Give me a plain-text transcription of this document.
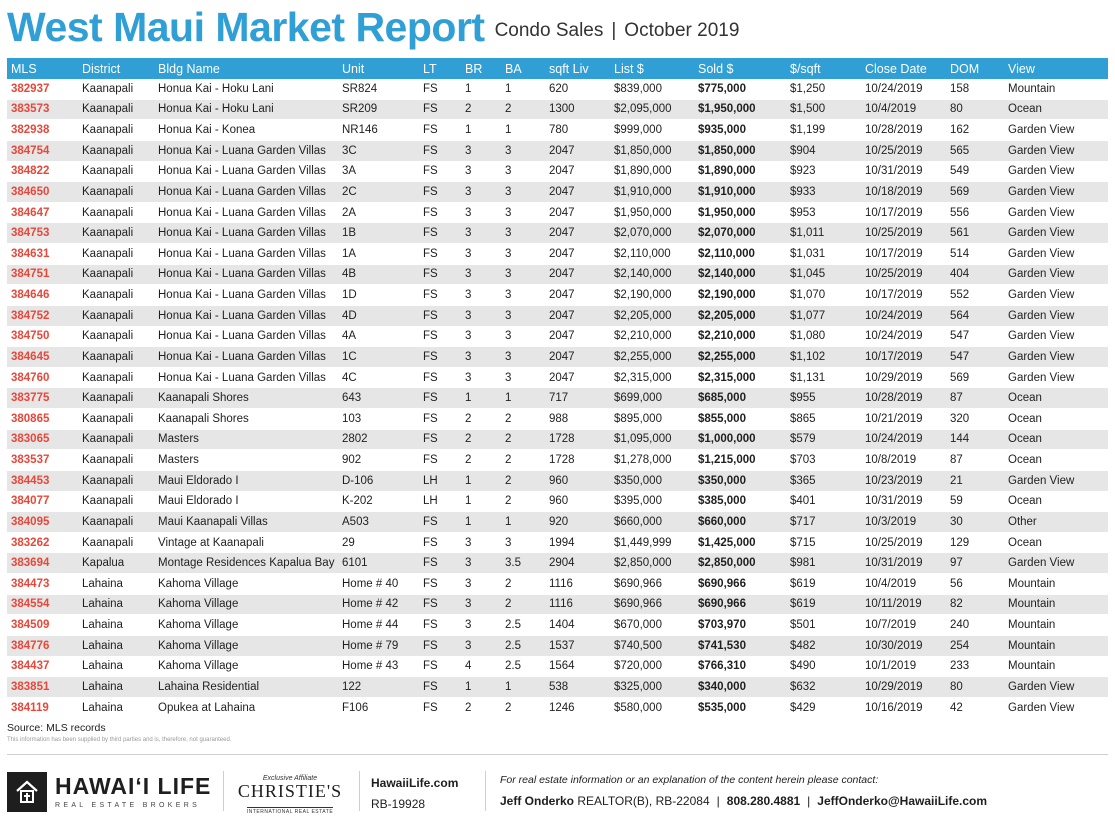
West Maui Market Report Condo Sales | October 2019
MLS	District	Bldg Name	Unit	LT	BR	BA	sqft Liv	List $	Sold $	$/sqft	Close Date	DOM	View
382937	Kaanapali	Honua Kai - Hoku Lani	SR824	FS	1	1	620	$839,000	$775,000	$1,250	10/24/2019	158	Mountain
383573	Kaanapali	Honua Kai - Hoku Lani	SR209	FS	2	2	1300	$2,095,000	$1,950,000	$1,500	10/4/2019	80	Ocean
382938	Kaanapali	Honua Kai - Konea	NR146	FS	1	1	780	$999,000	$935,000	$1,199	10/28/2019	162	Garden View
384754	Kaanapali	Honua Kai - Luana Garden Villas	3C	FS	3	3	2047	$1,850,000	$1,850,000	$904	10/25/2019	565	Garden View
384822	Kaanapali	Honua Kai - Luana Garden Villas	3A	FS	3	3	2047	$1,890,000	$1,890,000	$923	10/31/2019	549	Garden View
384650	Kaanapali	Honua Kai - Luana Garden Villas	2C	FS	3	3	2047	$1,910,000	$1,910,000	$933	10/18/2019	569	Garden View
384647	Kaanapali	Honua Kai - Luana Garden Villas	2A	FS	3	3	2047	$1,950,000	$1,950,000	$953	10/17/2019	556	Garden View
384753	Kaanapali	Honua Kai - Luana Garden Villas	1B	FS	3	3	2047	$2,070,000	$2,070,000	$1,011	10/25/2019	561	Garden View
384631	Kaanapali	Honua Kai - Luana Garden Villas	1A	FS	3	3	2047	$2,110,000	$2,110,000	$1,031	10/17/2019	514	Garden View
384751	Kaanapali	Honua Kai - Luana Garden Villas	4B	FS	3	3	2047	$2,140,000	$2,140,000	$1,045	10/25/2019	404	Garden View
384646	Kaanapali	Honua Kai - Luana Garden Villas	1D	FS	3	3	2047	$2,190,000	$2,190,000	$1,070	10/17/2019	552	Garden View
384752	Kaanapali	Honua Kai - Luana Garden Villas	4D	FS	3	3	2047	$2,205,000	$2,205,000	$1,077	10/24/2019	564	Garden View
384750	Kaanapali	Honua Kai - Luana Garden Villas	4A	FS	3	3	2047	$2,210,000	$2,210,000	$1,080	10/24/2019	547	Garden View
384645	Kaanapali	Honua Kai - Luana Garden Villas	1C	FS	3	3	2047	$2,255,000	$2,255,000	$1,102	10/17/2019	547	Garden View
384760	Kaanapali	Honua Kai - Luana Garden Villas	4C	FS	3	3	2047	$2,315,000	$2,315,000	$1,131	10/29/2019	569	Garden View
383775	Kaanapali	Kaanapali Shores	643	FS	1	1	717	$699,000	$685,000	$955	10/28/2019	87	Ocean
380865	Kaanapali	Kaanapali Shores	103	FS	2	2	988	$895,000	$855,000	$865	10/21/2019	320	Ocean
383065	Kaanapali	Masters	2802	FS	2	2	1728	$1,095,000	$1,000,000	$579	10/24/2019	144	Ocean
383537	Kaanapali	Masters	902	FS	2	2	1728	$1,278,000	$1,215,000	$703	10/8/2019	87	Ocean
384453	Kaanapali	Maui Eldorado I	D-106	LH	1	2	960	$350,000	$350,000	$365	10/23/2019	21	Garden View
384077	Kaanapali	Maui Eldorado I	K-202	LH	1	2	960	$395,000	$385,000	$401	10/31/2019	59	Ocean
384095	Kaanapali	Maui Kaanapali Villas	A503	FS	1	1	920	$660,000	$660,000	$717	10/3/2019	30	Other
383262	Kaanapali	Vintage at Kaanapali	29	FS	3	3	1994	$1,449,999	$1,425,000	$715	10/25/2019	129	Ocean
383694	Kapalua	Montage Residences Kapalua Bay	6101	FS	3	3.5	2904	$2,850,000	$2,850,000	$981	10/31/2019	97	Garden View
384473	Lahaina	Kahoma Village	Home # 40	FS	3	2	1116	$690,966	$690,966	$619	10/4/2019	56	Mountain
384554	Lahaina	Kahoma Village	Home # 42	FS	3	2	1116	$690,966	$690,966	$619	10/11/2019	82	Mountain
384509	Lahaina	Kahoma Village	Home # 44	FS	3	2.5	1404	$670,000	$703,970	$501	10/7/2019	240	Mountain
384776	Lahaina	Kahoma Village	Home # 79	FS	3	2.5	1537	$740,500	$741,530	$482	10/30/2019	254	Mountain
384437	Lahaina	Kahoma Village	Home # 43	FS	4	2.5	1564	$720,000	$766,310	$490	10/1/2019	233	Mountain
383851	Lahaina	Lahaina Residential	122	FS	1	1	538	$325,000	$340,000	$632	10/29/2019	80	Garden View
384119	Lahaina	Opukea at Lahaina	F106	FS	2	2	1246	$580,000	$535,000	$429	10/16/2019	42	Garden View
Source: MLS records
This information has been supplied by third parties and is, therefore, not guaranteed.
HAWAI‘I LIFE
REAL ESTATE BROKERS
Exclusive Affiliate
CHRISTIE'S
INTERNATIONAL REAL ESTATE
HawaiiLife.com
RB-19928
For real estate information or an explanation of the content herein please contact:
Jeff Onderko REALTOR(B), RB-22084 | 808.280.4881 | JeffOnderko@HawaiiLife.com
